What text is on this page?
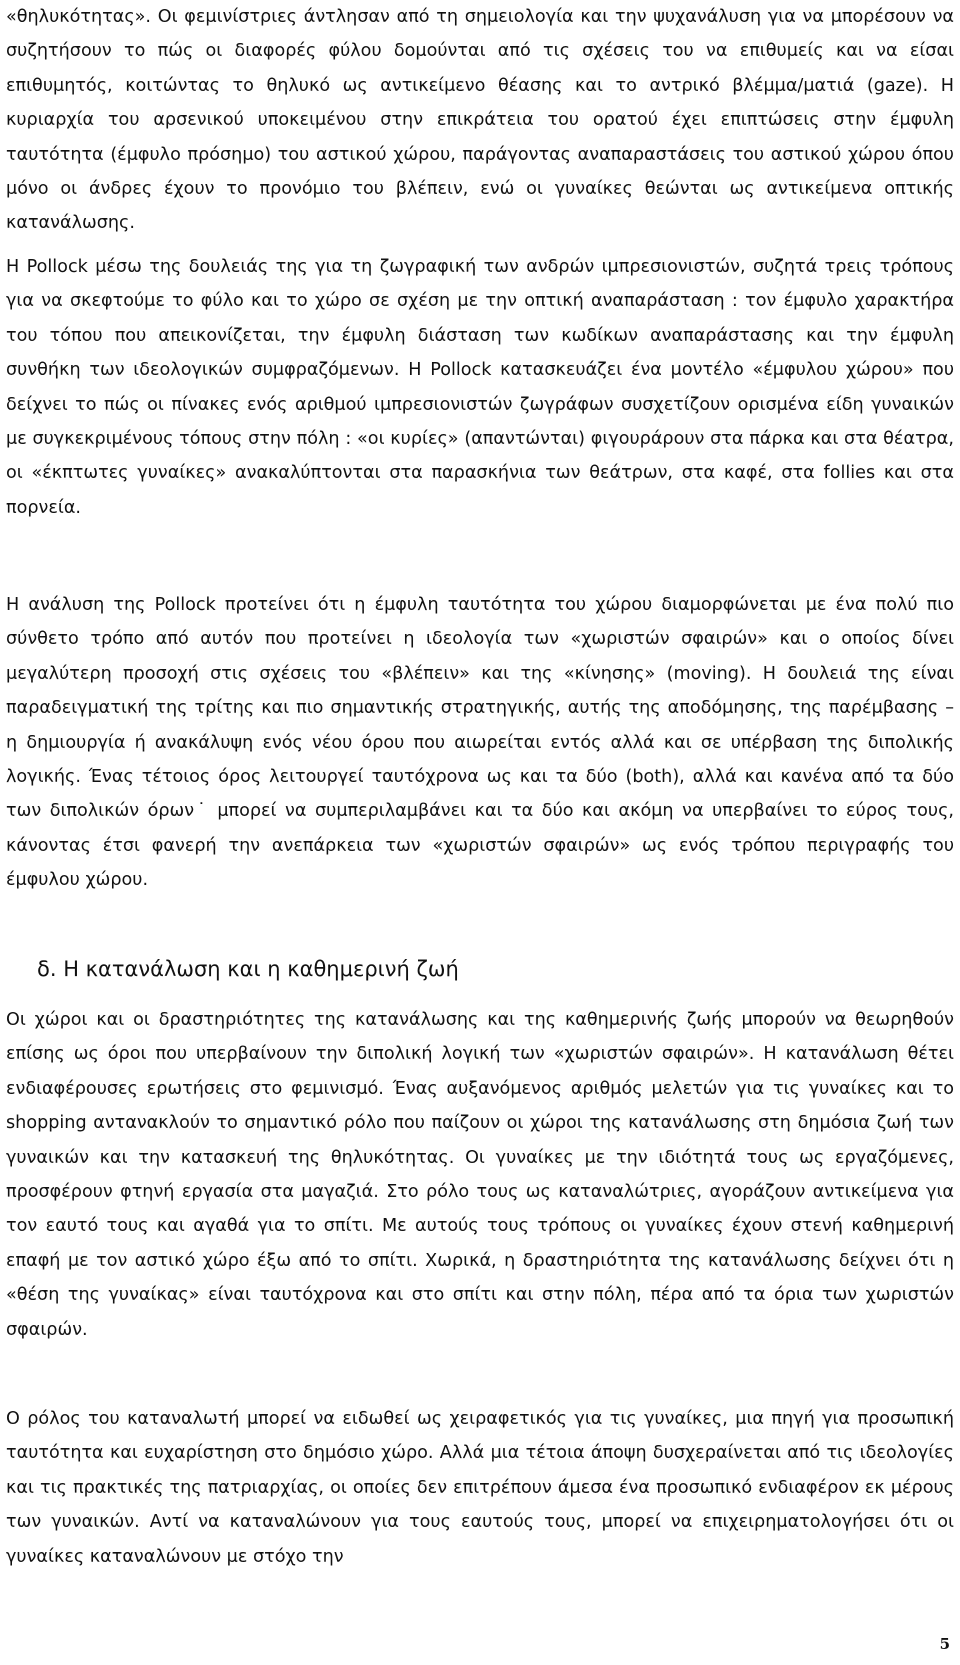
«θηλυκότητας». Οι φεμινίστριες άντλησαν από τη σημειολογία και την ψυχανάλυση για να μπορέσουν να συζητήσουν το πώς οι διαφορές φύλου δομούνται από τις σχέσεις του να επιθυμείς και να είσαι επιθυμητός, κοιτώντας το θηλυκό ως αντικείμενο θέασης και το αντρικό βλέμμα/ματιά (gaze). Η κυριαρχία του αρσενικού υποκειμένου στην επικράτεια του ορατού έχει επιπτώσεις στην έμφυλη ταυτότητα (έμφυλο πρόσημο) του αστικού χώρου, παράγοντας αναπαραστάσεις του αστικού χώρου όπου μόνο οι άνδρες έχουν το προνόμιο του βλέπειν, ενώ οι γυναίκες θεώνται ως αντικείμενα οπτικής κατανάλωσης.

Η Pollock μέσω της δουλειάς της για τη ζωγραφική των ανδρών ιμπρεσιονιστών, συζητά τρεις τρόπους για να σκεφτούμε το φύλο και το χώρο σε σχέση με την οπτική αναπαράσταση : τον έμφυλο χαρακτήρα του τόπου που απεικονίζεται, την έμφυλη διάσταση των κωδίκων αναπαράστασης και την έμφυλη συνθήκη των ιδεολογικών συμφραζόμενων. Η Pollock κατασκευάζει ένα μοντέλο «έμφυλου χώρου» που δείχνει το πώς οι πίνακες ενός αριθμού ιμπρεσιονιστών ζωγράφων συσχετίζουν ορισμένα είδη γυναικών με συγκεκριμένους τόπους στην πόλη : «οι κυρίες» (απαντώνται) φιγουράρουν στα πάρκα και στα θέατρα, οι «έκπτωτες γυναίκες» ανακαλύπτονται στα παρασκήνια των θεάτρων, στα καφέ, στα follies και στα πορνεία.

Η ανάλυση της Pollock προτείνει ότι η έμφυλη ταυτότητα του χώρου διαμορφώνεται με ένα πολύ πιο σύνθετο τρόπο από αυτόν που προτείνει η ιδεολογία των «χωριστών σφαιρών» και ο οποίος δίνει μεγαλύτερη προσοχή στις σχέσεις του «βλέπειν» και της «κίνησης» (moving). Η δουλειά της είναι παραδειγματική της τρίτης και πιο σημαντικής στρατηγικής, αυτής της αποδόμησης, της παρέμβασης – η δημιουργία ή ανακάλυψη ενός νέου όρου που αιωρείται εντός αλλά και σε υπέρβαση της διπολικής λογικής. Ένας τέτοιος όρος λειτουργεί ταυτόχρονα ως και τα δύο (both), αλλά και κανένα από τα δύο των διπολικών όρων˙ μπορεί να συμπεριλαμβάνει και τα δύο και ακόμη να υπερβαίνει το εύρος τους, κάνοντας έτσι φανερή την ανεπάρκεια των «χωριστών σφαιρών» ως ενός τρόπου περιγραφής του έμφυλου χώρου.

δ. Η κατανάλωση και η καθημερινή ζωή

Οι χώροι και οι δραστηριότητες της κατανάλωσης και της καθημερινής ζωής μπορούν να θεωρηθούν επίσης ως όροι που υπερβαίνουν την διπολική λογική των «χωριστών σφαιρών». Η κατανάλωση θέτει ενδιαφέρουσες ερωτήσεις στο φεμινισμό. Ένας αυξανόμενος αριθμός μελετών για τις γυναίκες και το shopping αντανακλούν το σημαντικό ρόλο που παίζουν οι χώροι της κατανάλωσης στη δημόσια ζωή των γυναικών και την κατασκευή της θηλυκότητας. Οι γυναίκες με την ιδιότητά τους ως εργαζόμενες, προσφέρουν φτηνή εργασία στα μαγαζιά. Στο ρόλο τους ως καταναλώτριες, αγοράζουν αντικείμενα για τον εαυτό τους και αγαθά για το σπίτι. Με αυτούς τους τρόπους οι γυναίκες έχουν στενή καθημερινή επαφή με τον αστικό χώρο έξω από το σπίτι. Χωρικά, η δραστηριότητα της κατανάλωσης δείχνει ότι η «θέση της γυναίκας» είναι ταυτόχρονα και στο σπίτι και στην πόλη, πέρα από τα όρια των χωριστών σφαιρών.

Ο ρόλος του καταναλωτή μπορεί να ειδωθεί ως χειραφετικός για τις γυναίκες, μια πηγή για προσωπική ταυτότητα και ευχαρίστηση στο δημόσιο χώρο. Αλλά μια τέτοια άποψη δυσχεραίνεται από τις ιδεολογίες και τις πρακτικές της πατριαρχίας, οι οποίες δεν επιτρέπουν άμεσα ένα προσωπικό ενδιαφέρον εκ μέρους των γυναικών. Αντί να καταναλώνουν για τους εαυτούς τους, μπορεί να επιχειρηματολογήσει ότι οι γυναίκες καταναλώνουν με στόχο την

5
